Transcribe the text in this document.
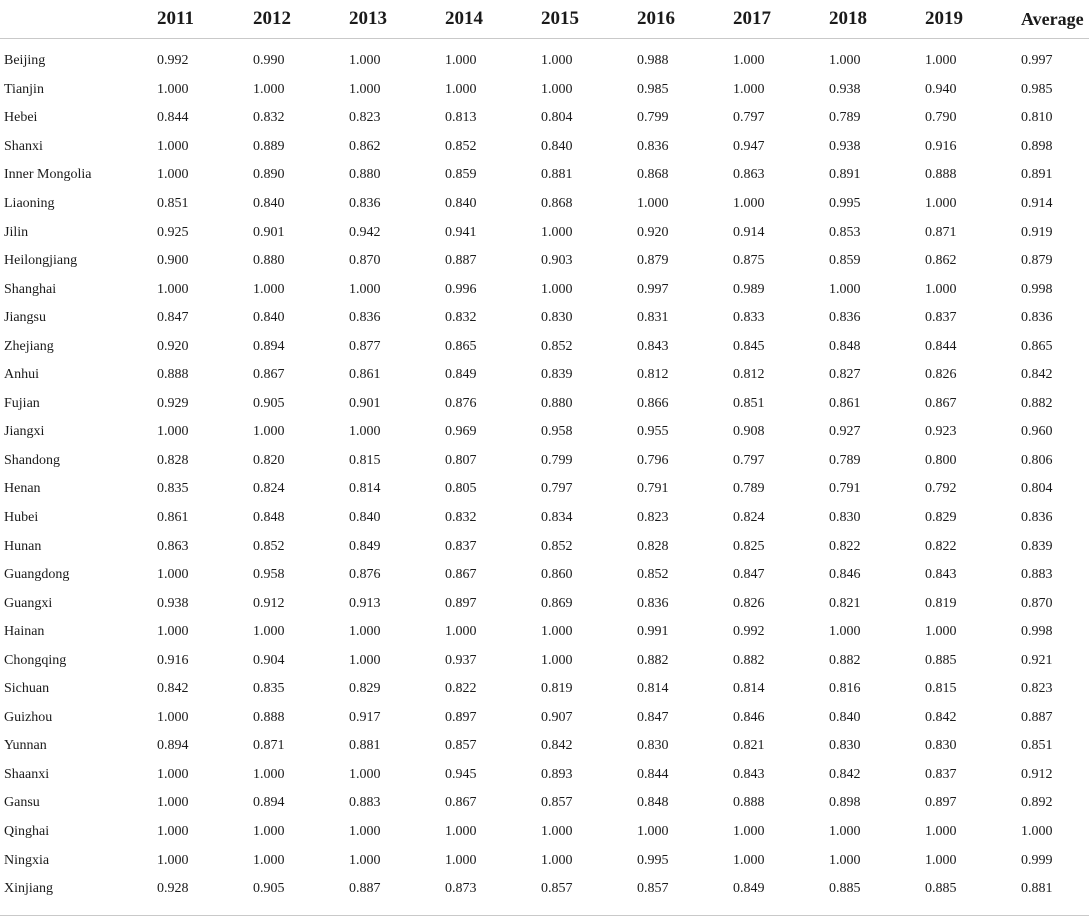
	2011	2012	2013	2014	2015	2016	2017	2018	2019	Average
Beijing	0.992	0.990	1.000	1.000	1.000	0.988	1.000	1.000	1.000	0.997
Tianjin	1.000	1.000	1.000	1.000	1.000	0.985	1.000	0.938	0.940	0.985
Hebei	0.844	0.832	0.823	0.813	0.804	0.799	0.797	0.789	0.790	0.810
Shanxi	1.000	0.889	0.862	0.852	0.840	0.836	0.947	0.938	0.916	0.898
Inner Mongolia	1.000	0.890	0.880	0.859	0.881	0.868	0.863	0.891	0.888	0.891
Liaoning	0.851	0.840	0.836	0.840	0.868	1.000	1.000	0.995	1.000	0.914
Jilin	0.925	0.901	0.942	0.941	1.000	0.920	0.914	0.853	0.871	0.919
Heilongjiang	0.900	0.880	0.870	0.887	0.903	0.879	0.875	0.859	0.862	0.879
Shanghai	1.000	1.000	1.000	0.996	1.000	0.997	0.989	1.000	1.000	0.998
Jiangsu	0.847	0.840	0.836	0.832	0.830	0.831	0.833	0.836	0.837	0.836
Zhejiang	0.920	0.894	0.877	0.865	0.852	0.843	0.845	0.848	0.844	0.865
Anhui	0.888	0.867	0.861	0.849	0.839	0.812	0.812	0.827	0.826	0.842
Fujian	0.929	0.905	0.901	0.876	0.880	0.866	0.851	0.861	0.867	0.882
Jiangxi	1.000	1.000	1.000	0.969	0.958	0.955	0.908	0.927	0.923	0.960
Shandong	0.828	0.820	0.815	0.807	0.799	0.796	0.797	0.789	0.800	0.806
Henan	0.835	0.824	0.814	0.805	0.797	0.791	0.789	0.791	0.792	0.804
Hubei	0.861	0.848	0.840	0.832	0.834	0.823	0.824	0.830	0.829	0.836
Hunan	0.863	0.852	0.849	0.837	0.852	0.828	0.825	0.822	0.822	0.839
Guangdong	1.000	0.958	0.876	0.867	0.860	0.852	0.847	0.846	0.843	0.883
Guangxi	0.938	0.912	0.913	0.897	0.869	0.836	0.826	0.821	0.819	0.870
Hainan	1.000	1.000	1.000	1.000	1.000	0.991	0.992	1.000	1.000	0.998
Chongqing	0.916	0.904	1.000	0.937	1.000	0.882	0.882	0.882	0.885	0.921
Sichuan	0.842	0.835	0.829	0.822	0.819	0.814	0.814	0.816	0.815	0.823
Guizhou	1.000	0.888	0.917	0.897	0.907	0.847	0.846	0.840	0.842	0.887
Yunnan	0.894	0.871	0.881	0.857	0.842	0.830	0.821	0.830	0.830	0.851
Shaanxi	1.000	1.000	1.000	0.945	0.893	0.844	0.843	0.842	0.837	0.912
Gansu	1.000	0.894	0.883	0.867	0.857	0.848	0.888	0.898	0.897	0.892
Qinghai	1.000	1.000	1.000	1.000	1.000	1.000	1.000	1.000	1.000	1.000
Ningxia	1.000	1.000	1.000	1.000	1.000	0.995	1.000	1.000	1.000	0.999
Xinjiang	0.928	0.905	0.887	0.873	0.857	0.857	0.849	0.885	0.885	0.881
